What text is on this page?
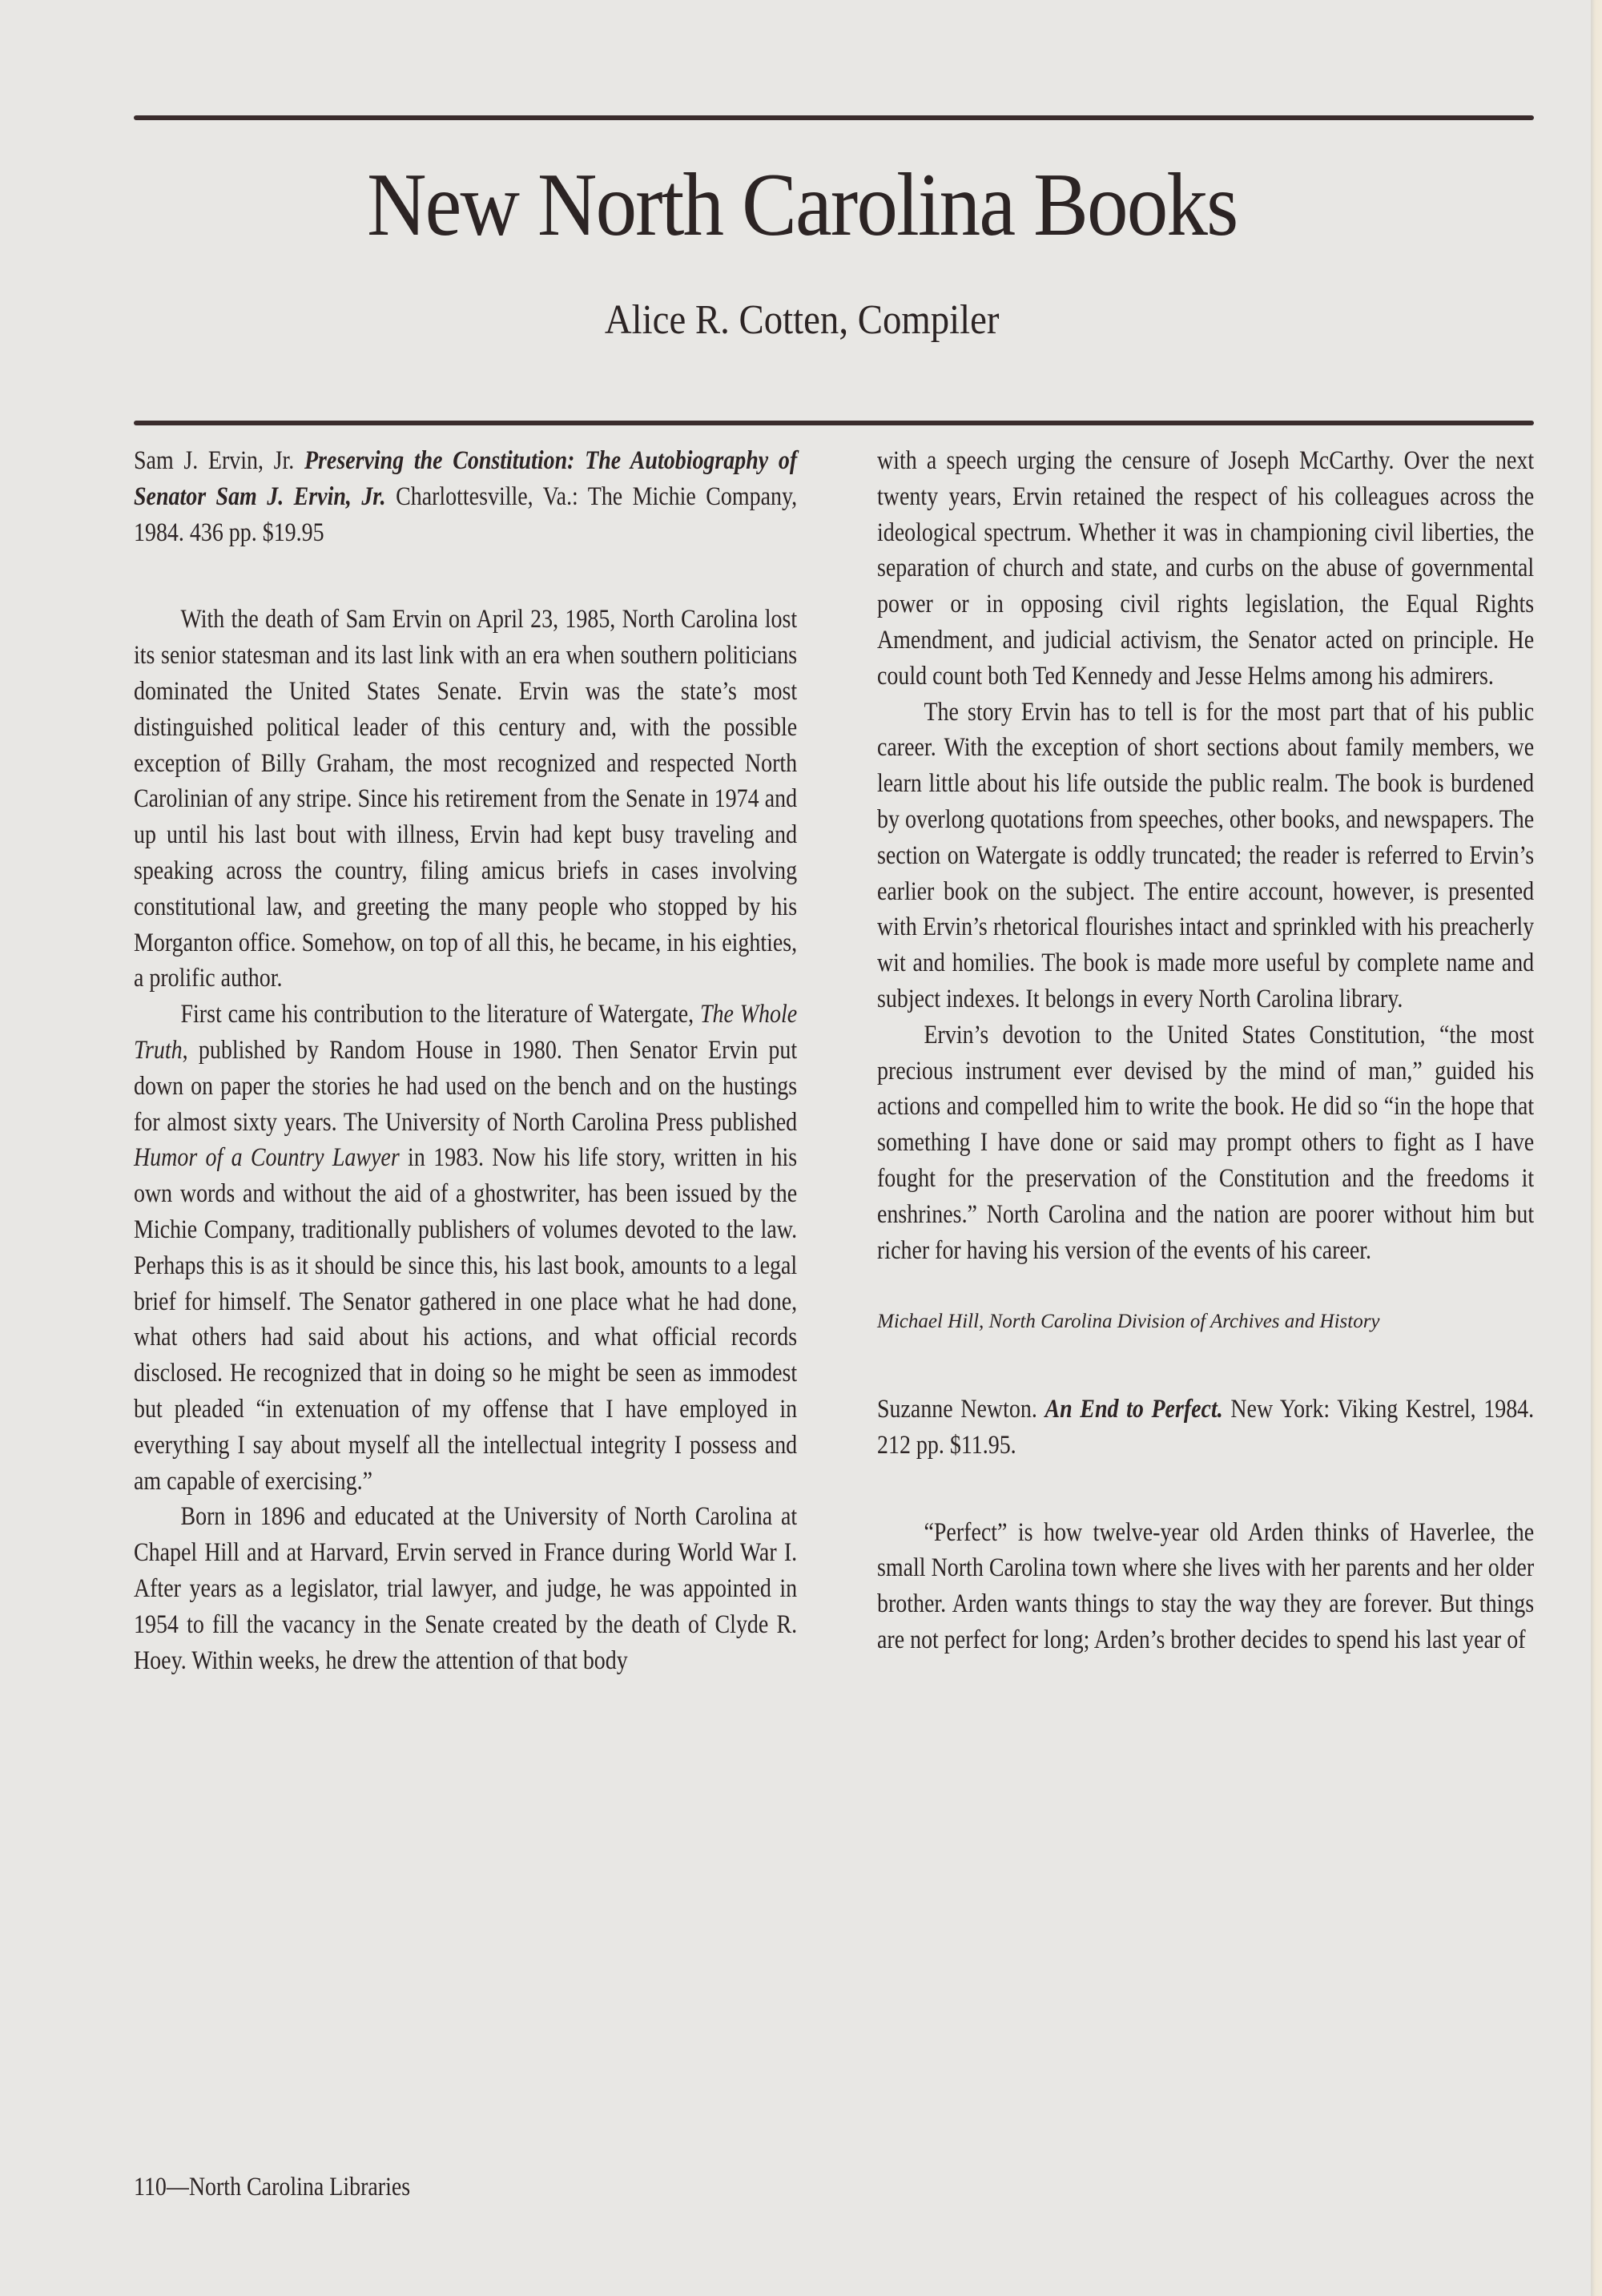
New North Carolina Books
Alice R. Cotten, Compiler

Sam J. Ervin, Jr. Preserving the Constitution: The Autobiography of Senator Sam J. Ervin, Jr. Charlottesville, Va.: The Michie Company, 1984. 436 pp. $19.95

With the death of Sam Ervin on April 23, 1985, North Carolina lost its senior statesman and its last link with an era when southern politicians dominated the United States Senate. Ervin was the state’s most distinguished political leader of this century and, with the possible exception of Billy Graham, the most recognized and respected North Carolinian of any stripe. Since his retirement from the Senate in 1974 and up until his last bout with illness, Ervin had kept busy traveling and speaking across the country, filing amicus briefs in cases involving constitutional law, and greeting the many people who stopped by his Morganton office. Somehow, on top of all this, he became, in his eighties, a prolific author.

First came his contribution to the literature of Watergate, The Whole Truth, published by Random House in 1980. Then Senator Ervin put down on paper the stories he had used on the bench and on the hustings for almost sixty years. The University of North Carolina Press published Humor of a Country Lawyer in 1983. Now his life story, written in his own words and without the aid of a ghostwriter, has been issued by the Michie Company, traditionally publishers of volumes devoted to the law. Perhaps this is as it should be since this, his last book, amounts to a legal brief for himself. The Senator gathered in one place what he had done, what others had said about his actions, and what official records disclosed. He recognized that in doing so he might be seen as immodest but pleaded “in extenuation of my offense that I have employed in everything I say about myself all the intellectual integrity I possess and am capable of exercising.”

Born in 1896 and educated at the University of North Carolina at Chapel Hill and at Harvard, Ervin served in France during World War I. After years as a legislator, trial lawyer, and judge, he was appointed in 1954 to fill the vacancy in the Senate created by the death of Clyde R. Hoey. Within weeks, he drew the attention of that body

with a speech urging the censure of Joseph McCarthy. Over the next twenty years, Ervin retained the respect of his colleagues across the ideological spectrum. Whether it was in championing civil liberties, the separation of church and state, and curbs on the abuse of governmental power or in opposing civil rights legislation, the Equal Rights Amendment, and judicial activism, the Senator acted on principle. He could count both Ted Kennedy and Jesse Helms among his admirers.

The story Ervin has to tell is for the most part that of his public career. With the exception of short sections about family members, we learn little about his life outside the public realm. The book is burdened by overlong quotations from speeches, other books, and newspapers. The section on Watergate is oddly truncated; the reader is referred to Ervin’s earlier book on the subject. The entire account, however, is presented with Ervin’s rhetorical flourishes intact and sprinkled with his preacherly wit and homilies. The book is made more useful by complete name and subject indexes. It belongs in every North Carolina library.

Ervin’s devotion to the United States Constitution, “the most precious instrument ever devised by the mind of man,” guided his actions and compelled him to write the book. He did so “in the hope that something I have done or said may prompt others to fight as I have fought for the preservation of the Constitution and the freedoms it enshrines.” North Carolina and the nation are poorer without him but richer for having his version of the events of his career.

Michael Hill, North Carolina Division of Archives and History

Suzanne Newton. An End to Perfect. New York: Viking Kestrel, 1984. 212 pp. $11.95.

“Perfect” is how twelve-year old Arden thinks of Haverlee, the small North Carolina town where she lives with her parents and her older brother. Arden wants things to stay the way they are forever. But things are not perfect for long; Arden’s brother decides to spend his last year of

110—North Carolina Libraries
